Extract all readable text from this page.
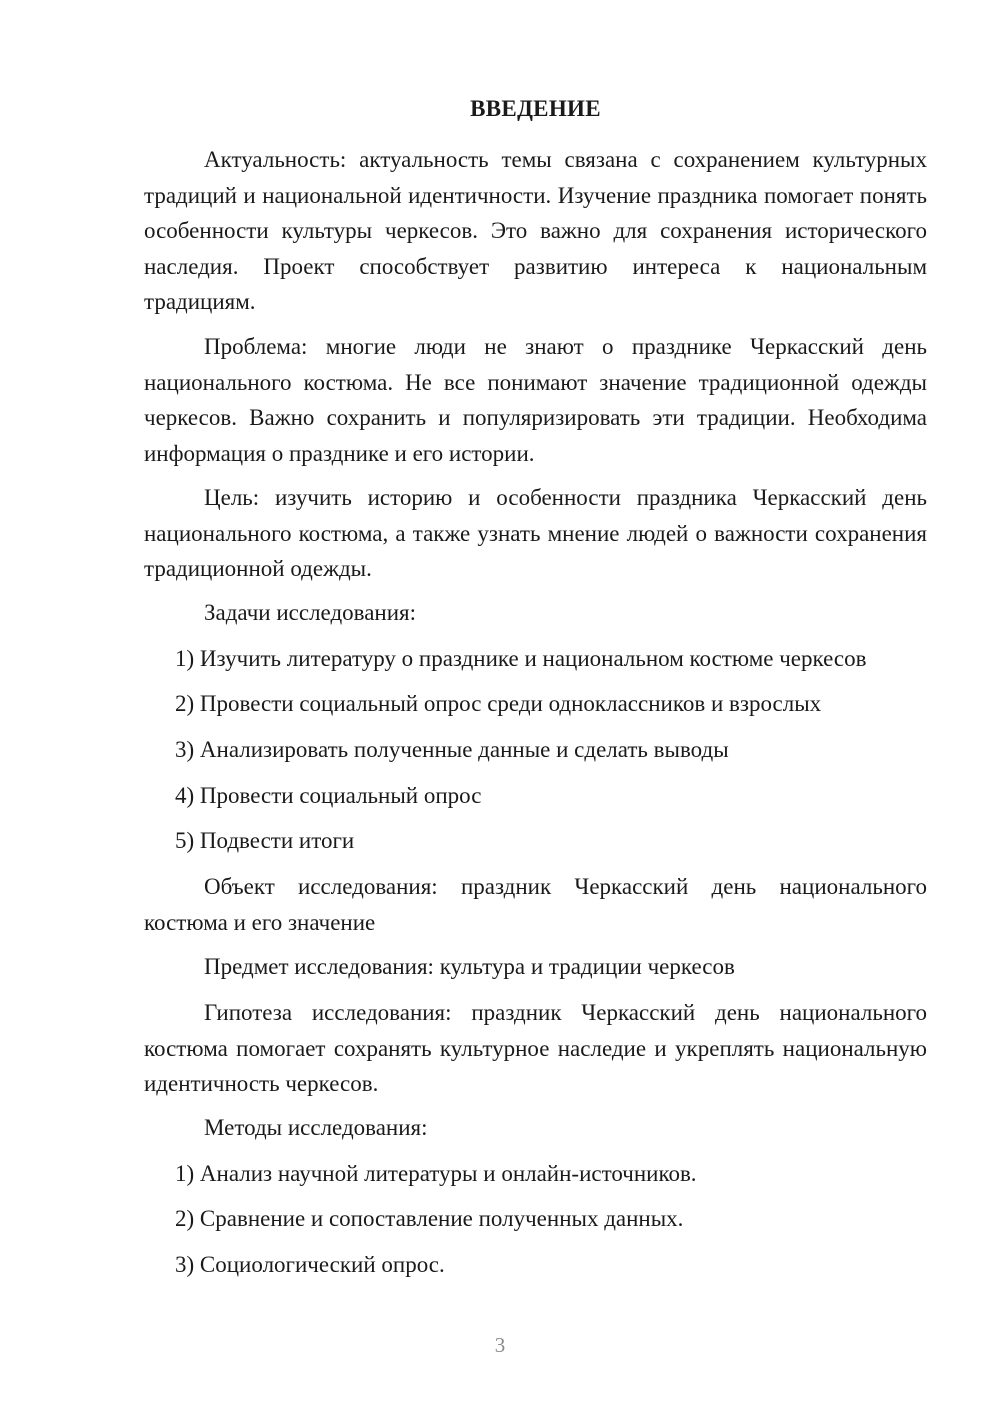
ВВЕДЕНИЕ

Актуальность: актуальность темы связана с сохранением культурных традиций и национальной идентичности. Изучение праздника помогает понять особенности культуры черкесов. Это важно для сохранения исторического наследия. Проект способствует развитию интереса к национальным традициям.

Проблема: многие люди не знают о празднике Черкасский день национального костюма. Не все понимают значение традиционной одежды черкесов. Важно сохранить и популяризировать эти традиции. Необходима информация о празднике и его истории.

Цель: изучить историю и особенности праздника Черкасский день национального костюма, а также узнать мнение людей о важности сохранения традиционной одежды.

Задачи исследования:

1) Изучить литературу о празднике и национальном костюме черкесов
2) Провести социальный опрос среди одноклассников и взрослых
3) Анализировать полученные данные и сделать выводы
4) Провести социальный опрос
5) Подвести итоги

Объект исследования: праздник Черкасский день национального костюма и его значение

Предмет исследования: культура и традиции черкесов

Гипотеза исследования: праздник Черкасский день национального костюма помогает сохранять культурное наследие и укреплять национальную идентичность черкесов.

Методы исследования:

1) Анализ научной литературы и онлайн-источников.
2) Сравнение и сопоставление полученных данных.
3) Социологический опрос.
3
